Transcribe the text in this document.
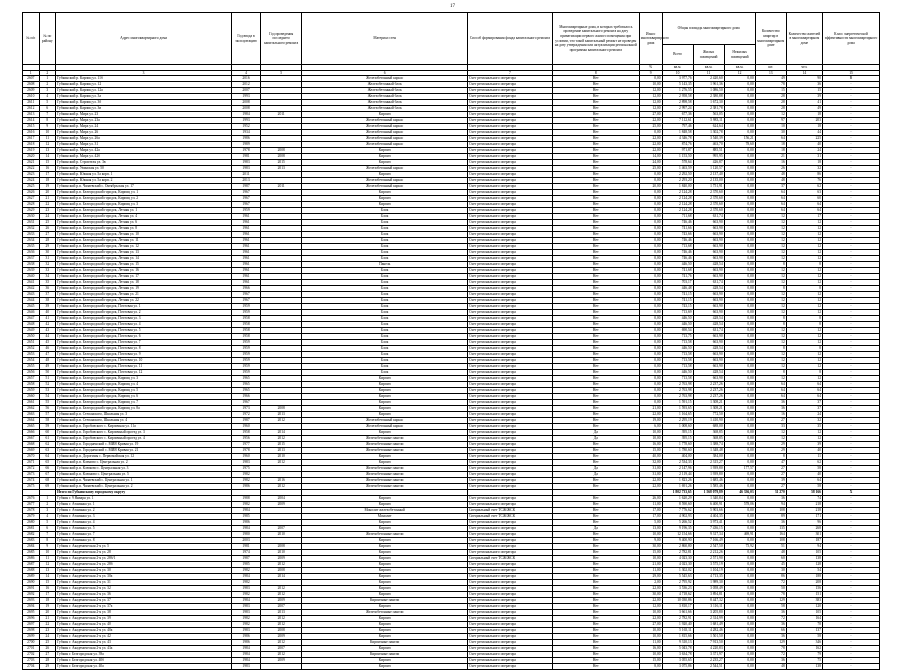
17
№ п/п	№ по району	Адрес многоквартирного дома	Год ввода в эксплуатацию	Год проведения последнего капитального ремонта	Материал стен	Способ формирования фонда капитального ремонта	Многоквартирные дома, в которых требовалось проведение капитального ремонта на дату приватизации первого жилого помещения при условии, что такой капитальный ремонт не проведен на дату утверждения или актуализации региональной программы капитального ремонта	Износ многоквартирного дома	Общая площадь многоквартирного дома			Количество квартир в многоквартирном доме	Количество жителей в многоквартирном доме	Класс энергетической эффективности многоквартирного дома
									Всего	Жилых помещений	Нежилых помещений			
								%	кв.м.	кв.м.	кв.м.	шт.	чел.	
1	2	3	4	5	6	7	8	9	10	11	12	13	14	15
2607	1	Губкинский р. Карпиц ул. 11б	2016		Железобетонный каркас	Счет регионального оператора	Нет	0,00	3 977,76	2 420,60	0,00	49	90	В
2608	2	Губкинский р. Карпиц ул. 12	2012		Железобетонный блок	Счет регионального оператора	Нет	10,00	5 143,35	1 961,36	0,00	78	36	-
2609	3	Губкинский р. Карпиц ул. 12а	2007		Железобетонный блок	Счет регионального оператора	Нет	12,00	1 276,55	1 086,50	0,00	15	15	-
2610	4	Губкинский р. Карпиц ул. 3а	1993		Железобетонный блок	Счет регионального оператора	Нет	12,00	2 958,58	2 380,88	0,00	28	39	-
2611	5	Губкинский р. Карпиц ул. 3б	2008		Железобетонный блок	Счет регионального оператора	Нет	12,00	2 898,58	1 672,30	0,00	28	41	-
2612	6	Губкинский р. Карпиц ул. 3в	2008		Железобетонный блок	Счет регионального оператора	Нет	12,00	2 997,24	2 381,78	0,00	28	49	-
2613	7	Губкинский р. Мира ул. 23	1984	2011	Кирпич	Счет регионального оператора	Нет	27,00	677,36	563,05	0,00	12	18	-
2614	8	Губкинский р. Мира ул. 23а	1993		Железобетонный каркас	Счет регионального оператора	Нет	22,00	7 112,61	5 983,11	0,00	97	203	-
2615	9	Губкинский р. Мира ул. 24	1952		Железобетонный каркас	Счет регионального оператора	Нет	25,00	797,46	624,64	0,00	10	18	-
2616	10	Губкинский р. Мира ул. 26	1934		Железобетонный каркас	Счет регионального оператора	Нет	0,00	1 848,58	1 302,78	0,00	30	44	-
2617	11	Губкинский р. Мира ул. 26а	1986		Железобетонный каркас	Счет регионального оператора	Нет	22,00	4 346,78	3 540,39	156,21	64	225	-
2618	12	Губкинский р. Мира ул. 31	1989		Железобетонный каркас	Счет регионального оператора	Нет	22,00	874,76	463,70	78,60	18	40	-
2619	13	Губкинский р. Мира ул. 42а	1978	2008	Кирпич	Счет регионального оператора	Нет	22,00	971,87	885,51	0,00	18	24	-
2620	14	Губкинский р. Мира ул. 42б	1981	2008	Кирпич	Счет регионального оператора	Нет	14,00	1 153,50	995,95	0,00	21	31	-
2621	15	Губкинский р. Строителя ул. 3в	1983	2015	Кирпич	Счет регионального оператора	Нет	24,00	578,64	426,87	0,00	16	18	-
2622	16	Губкинский р. Увинская ул. 50	1983	2013	Железобетонный каркас	Счет регионального оператора	Нет	25,00	1 463,59	1 120,57	0,00	26	32	-
2623	17	Губкинский р. Южная ул. 5а корп. 1	2011		Кирпич	Счет регионального оператора	Нет	0,00	2 292,50	2 137,40	0,00	48	86	-
2624	18	Губкинский р. Южная ул. 5а корп. 2	2013		Железобетонный каркас	Счет регионального оператора	Нет	0,00	2 293,20	2 135,00	0,00	48	76	-
2625	19	Губкинский р.п. Чапаевский с. Октябрьская ул. 17	1987	2011	Железобетонный каркас	Счет регионального оператора	Нет	20,00	1 840,00	1 751,91	0,00	37	62	-
2626	20	Губкинский р.п. Белгородской городок, Кирпиц ул. 1	1967		Кирпич	Счет регионального оператора	Нет	0,00	2 124,28	2 370,60	0,00	64	63	-
2627	21	Губкинский р.п. Белгородской городок, Кирпиц ул. 2	1967		Кирпич	Счет регионального оператора	Нет	0,00	2 124,28	2 370,60	0,00	64	60	-
2628	22	Губкинский р.п. Белгородской городок, Кирпиц ул. 3	1967		Кирпич	Счет регионального оператора	Нет	0,00	2 124,28	2 370,60	0,00	64	64	-
2629	23	Губкинский р.п. Белгородской городок, Летняя ул. 1	1959		Блок	Счет регионального оператора	Нет	0,00	2 124,28	2 370,60	0,00	64	64	-
2630	24	Губкинский р.п. Белгородской городок, Летняя ул. 4	1961		Блок	Счет регионального оператора	Нет	0,00	711,68	631,74	0,00	12	17	-
2631	25	Губкинский р.п. Белгородской городок, Летняя ул. 6	1961		Блок	Счет регионального оператора	Нет	0,00	746,46	663,90	0,00	12	12	-
2632	26	Губкинский р.п. Белгородской городок, Летняя ул. 8	1961		Блок	Счет регионального оператора	Нет	0,00	741,66	663,90	0,00	12	12	-
2633	27	Губкинский р.п. Белгородской городок, Летняя ул. 10	1961		Блок	Счет регионального оператора	Нет	0,00	743,66	663,90	0,00	12	12	-
2634	28	Губкинский р.п. Белгородской городок, Летняя ул. 11	1961		Блок	Счет регионального оператора	Нет	0,00	746,46	663,90	0,00	12	12	-
2635	29	Губкинский р.п. Белгородской городок, Летняя ул. 12	1961		Блок	Счет регионального оператора	Нет	0,00	713,68	663,90	0,00	12	12	-
2636	30	Губкинский р.п. Белгородской городок, Летняя ул. 13	1961		Блок	Счет регионального оператора	Нет	0,00	746,46	663,90	0,00	12	12	-
2637	31	Губкинский р.п. Белгородской городок, Летняя ул. 14	1961		Блок	Счет регионального оператора	Нет	0,00	746,46	663,90	0,00	12	12	-
2638	32	Губкинский р.п. Белгородской городок, Летняя ул. 15	1961		Панель	Счет регионального оператора	Нет	0,00	446,50	428,54	0,00	8	8	-
2639	33	Губкинский р.п. Белгородской городок, Летняя ул. 16	1961		Блок	Счет регионального оператора	Нет	0,00	741,68	663,90	0,00	12	12	-
2640	34	Губкинский р.п. Белгородской городок, Летняя ул. 17	1961		Блок	Счет регионального оператора	Нет	0,00	741,76	663,90	0,00	12	12	-
2641	35	Губкинский р.п. Белгородской городок, Летняя ул. 18	1961		Блок	Счет регионального оператора	Нет	0,00	703,17	631,74	0,00	12	12	-
2642	36	Губкинский р.п. Белгородской городок, Летняя ул. 19	1966		Блок	Счет регионального оператора	Нет	0,00	446,48	428,54	0,00	8	8	-
2643	37	Губкинский р.п. Белгородской городок, Летняя ул. 21	1967		Блок	Счет регионального оператора	Нет	0,00	741,15	663,90	0,00	12	12	-
2644	38	Губкинский р.п. Белгородской городок, Летняя ул. 22	1967		Блок	Счет регионального оператора	Нет	0,00	741,15	663,90	0,00	12	12	-
2645	39	Губкинский р.п. Белгородской городок, Почтовая ул. 1	1959		Блок	Счет регионального оператора	Нет	0,00	743,15	663,90	0,00	12	12	-
2646	40	Губкинский р.п. Белгородской городок, Почтовая ул. 2	1959		Блок	Счет регионального оператора	Нет	0,00	713,69	663,90	0,00	12	12	-
2647	41	Губкинский р.п. Белгородской городок, Почтовая ул. 3	1958		Блок	Счет регионального оператора	Нет	0,00	446,50	428,54	0,00	8	8	-
2648	42	Губкинский р.п. Белгородской городок, Почтовая ул. 4	1958		Блок	Счет регионального оператора	Нет	0,00	446,50	428,54	0,00	8	8	-
2649	43	Губкинский р.п. Белгородской городок, Почтовая ул. 5	1958		Блок	Счет регионального оператора	Нет	0,00	690,54	631,74	0,00	12	12	-
2650	44	Губкинский р.п. Белгородской городок, Почтовая ул. 6	1958		Блок	Счет регионального оператора	Нет	0,00	713,75	663,90	0,00	12	12	-
2651	45	Губкинский р.п. Белгородской городок, Почтовая ул. 7	1959		Блок	Счет регионального оператора	Нет	0,00	713,58	663,90	0,00	12	12	-
2652	46	Губкинский р.п. Белгородской городок, Почтовая ул. 8	1959		Блок	Счет регионального оператора	Нет	0,00	446,50	428,54	0,00	8	8	-
2653	47	Губкинский р.п. Белгородской городок, Почтовая ул. 9	1959		Блок	Счет регионального оператора	Нет	0,00	713,58	663,90	0,00	12	12	-
2654	48	Губкинский р.п. Белгородской городок, Почтовая ул. 10	1959		Блок	Счет регионального оператора	Нет	0,00	713,58	663,90	0,00	12	12	-
2655	49	Губкинский р.п. Белгородской городок, Почтовая ул. 11	1959		Блок	Счет регионального оператора	Нет	0,00	713,58	663,90	0,00	12	12	-
2656	50	Губкинский р.п. Белгородской городок, Почтовая ул. 12	1959		Блок	Счет регионального оператора	Нет	0,00	446,50	428,54	0,00	8	8	-
2657	51	Губкинский р.п. Белгородской городок, Кирпиц ул. 3	1965		Кирпич	Счет регионального оператора	Нет	0,00	713,58	663,90	0,00	12	12	-
2658	52	Губкинский р.п. Белгородской городок, Кирпиц ул. 4	1965		Кирпич	Счет регионального оператора	Нет	0,00	2 763,98	2 237,26	0,00	64	64	-
2659	53	Губкинский р.п. Белгородской городок, Кирпиц ул. 5	1965		Кирпич	Счет регионального оператора	Нет	0,00	2 763,98	2 237,26	0,00	64	64	-
2660	54	Губкинский р.п. Белгородской городок, Кирпиц ул. 6	1966		Кирпич	Счет регионального оператора	Нет	0,00	2 763,98	2 237,26	0,00	64	64	-
2661	55	Губкинский р.п. Белгородской городок, Кирпиц ул. 7	1967		Кирпич	Счет регионального оператора	Нет	0,00	1 591,15	1 308,21	0,00	36	37	-
2662	56	Губкинский р.п. Белгородской городок, Кирпиц ул. 8а	1973	2008	Кирпич	Счет регионального оператора	Нет	21,00	1 593,65	1 308,21	0,00	36	37	-
2663	57	Губкинский р.п. Степанского, Школьная ул. 3	1972	2013	Кирпич	Счет регионального оператора	Нет	22,00	1 164,65	772,50	0,00	16	24	-
2664	58	Губкинский р.п. Степанского, Школьная ул. 4	1987	2012	Железобетонный каркас	Счет регионального оператора	Нет	19,00	2 295,19	1 410,90	0,00	27	32	-
2665	59	Губкинский р.п. Горобовского с. Кирпичная ул. 11а	1960		Железобетонный каркас	Счет регионального оператора	Нет	6,00	1 008,60	688,00	0,00	33	35	-
2666	60	Губкинский р.п. Горобовского с. Кирпичный проезд ул. 3	1958	2014	Кирпич	Счет регионального оператора	Да	10,00	395,15	368,85	0,00	12	12	-
2667	61	Губкинский р.п. Горобовского с. Кирпичный проезд ул. 4	1956	2012	Железобетонные панели	Счет регионального оператора	Да	10,00	395,15	368,85	0,00	12	12	-
2668	62	Губкинский р.п. Городненский с. МИЯ Кривая ул. 19	1977	2015	Железобетонные панели	Счет регионального оператора	Нет	16,00	1 778,60	1 388,74	0,00	29	39	-
2669	63	Губкинский р.п. Городненский с. МИЯ Кривая ул. 21	1978	2013	Железобетонные панели	Счет регионального оператора	Нет	15,00	1 780,60	1 348,48	0,00	29	40	-
2670	64	Губкинский р.п. Дорогины с. Первомайская ул. 12	1960	2010	Кирпич	Счет регионального оператора	Нет	40,00	404,00	384,00	0,00	8	11	-
2671	65	Губкинский р.п. Кленово с. Центральная ул. 2	1983	2012	Кирпич	Счет регионального оператора	Нет	32,00	2 534,33	2 315,27	0,00	47	62	-
2672	66	Губкинский р.п. Клюково с. Центральная ул. 3	1975		Железобетонные панели	Счет регионального оператора	Да	31,00	2 147,96	1 939,80	177,57	27	58	-
2673	67	Губкинский р.п. Клюново с. Центральная ул. 5	1982		Железобетонные панели	Счет регионального оператора	Да	31,00	2 119,44	1 939,80	0,00	27	40	-
2674	68	Губкинский р.п. Чапаевский с. Центральная ул. 1	1982	2016	Железобетонные панели	Счет регионального оператора	Нет	22,00	1 823,26	1 685,46	0,00	39	64	-
2675	69	Губкинский р.п. Чапаевский с. Центральная ул. 2	1986	2012	Железобетонные панели	Счет регионального оператора	Нет	22,00	1 691,26	1 585,46	0,00	27	58	-
		Итого по Губкинскому городскому округу							1 802 733,65	1 568 079,89	46 336,03	31 270	58 166	X
2676	1	Губкин г. 9 Января ул. 1	1988	2004	Кирпич	Счет регионального оператора	Нет	26,00	1 620,29	1 340,84	0,00	36	74	-
2677	2	Губкин г. Атаманка ул. 1	1982	2009	Кирпич	Счет регионального оператора	Нет	11,00	8 590,60	6 400,91	578,06	94	218	-
2678	3	Губкин г. Атаманка ул. 2	1984		Монолит железобетонный	Специальный счет ТСЖ/ЖСК	Нет	17,00	7 776,62	5 903,66	0,00	108	218	-
2679	4	Губкин г. Атаманка ул. 3	1985		Монолит	Специальный счет ТСЖ/ЖСК	Нет	17,00	4 902,93	4 404,35	0,00	89	171	-
2680	5	Губкин г. Атаманка ул. 4	1986		Кирпич	Счет регионального оператора	Нет	5,00	5 266,52	3 973,41	0,00	36	96	-
2681	6	Губкин г. Атаманка ул. 5	1984	2007	Кирпич	Счет регионального оператора	Да	13,00	9 196,35	7 436,15	0,00	135	268	-
2682	7	Губкин г. Атаманка ул. 7	1980	2010	Железобетонные панели	Счет регионального оператора	Нет	10,00	12 154,66	9 317,34	469,91	164	301	-
2683	8	Губкин г. Атаманка ул. 8	2003		Кирпич	Счет регионального оператора	Нет	9,00	9 400,90	7 166,49	0,00	108	187	-
2684	9	Губкин г. Академическая 2-я ул. 5	1981	2008	Кирпич	Счет регионального оператора	Нет	30,00	2 860,80	2 547,50	75,92	51	94	-
2685	10	Губкин г. Академическая 2-я ул. 28	1974	2010	Кирпич	Счет регионального оператора	Нет	15,00	2 782,81	2 212,26	0,00	48	105	-
2686	11	Губкин г. Академическая 2-я ул. 28б/1	1987	2009	Кирпич	Специальный счет ТСЖ/ЖСК	Нет	10,00	4 023,30	2 571,90	0,00	60	138	-
2687	12	Губкин г. Академическая 2-я ул. 28б	1985	2012	Кирпич	Счет регионального оператора	Нет	21,00	4 023,30	3 575,19	0,00	45	128	-
2688	13	Губкин г. Академическая 2-я ул. 30	1982	2008	Кирпич	Счет регионального оператора	Нет	11,00	1 302,02	1 104,19	0,00	30	54	-
2689	14	Губкин г. Академическая 2-я ул. 30а	1984	2014	Кирпич	Счет регионального оператора	Нет	29,00	5 545,63	4 713,35	0,00	86	188	-
2690	15	Губкин г. Академическая 2-я ул. 31	1982		Кирпич	Счет регионального оператора	Нет	2,00	2 795,92	1 989,30	0,00	72	208	-
2691	16	Губкин г. Академическая 2-я ул. 32	1983	2012	Кирпич	Счет регионального оператора	Нет	22,00	3 536,23	3 058,49	0,00	50	156	-
2692	17	Губкин г. Академическая 2-я ул. 36	1982	2012	Кирпич	Счет регионального оператора	Нет	30,00	4 718,62	3 894,81	0,00	78	151	-
2693	18	Губкин г. Академическая 2-я ул. 37	1984	2009	Кирпичные панели	Счет регионального оператора	Нет	22,00	10 030,86	8 447,32	0,00	129	383	-
2694	19	Губкин г. Академическая 2-я ул. 37а	1983	2007	Кирпич	Счет регионального оператора	Нет	12,00	3 810,17	3 116,11	0,00	58	120	-
2695	20	Губкин г. Академическая 2-я ул. 38	1983	2013	Железобетонные панели	Счет регионального оператора	Нет	10,00	3 661,66	3 205,80	0,00	36	105	-
2696	21	Губкин г. Академическая 2-я ул. 39	1982	2012	Кирпич	Счет регионального оператора	Нет	22,00	2 782,91	2 314,99	0,00	72	164	-
2697	22	Губкин г. Академическая 2-я ул. 40	1982	2012	Кирпич	Счет регионального оператора	Нет	27,00	1 920,40	1 681,49	0,00	36	78	-
2698	23	Губкин г. Академическая 2-я ул. 40а	1983	2008	Кирпич	Счет регионального оператора	Нет	10,00	5 165,11	4 282,46	0,00	66	137	-
2699	24	Губкин г. Академическая 2-я ул. 42	1986	2009	Кирпич	Счет регионального оператора	Нет	10,00	1 815,66	1 501,50	0,00	36	58	-
2700	25	Губкин г. Академическая 2-я ул. 43	1986	2012	Кирпичные панели	Счет регионального оператора	Нет	11,00	9 310,13	7 913,50	0,00	129	346	-
2701	26	Губкин г. Академическая 2-я ул. 43а	1984	2007	Кирпич	Счет регионального оператора	Нет	16,00	5 043,78	4 220,83	0,00	78	162	-
2702	27	Губкин г. Белгородская ул. 39а	1984	2012	Кирпичные панели	Счет регионального оператора	Нет	10,00	3 634,78	3 371,97	0,00	72	79	-
2703	28	Губкин г. Белгородская ул. 40б	1984	2009	Кирпич	Счет регионального оператора	Нет	15,00	3 055,65	2 235,27	0,00	36	75	-
2704	29	Губкин г. Белгородская ул. 40а	1983		Кирпич	Счет регионального оператора	Нет	8,00	3 075,86	2 544,51	0,00	48	138	-
